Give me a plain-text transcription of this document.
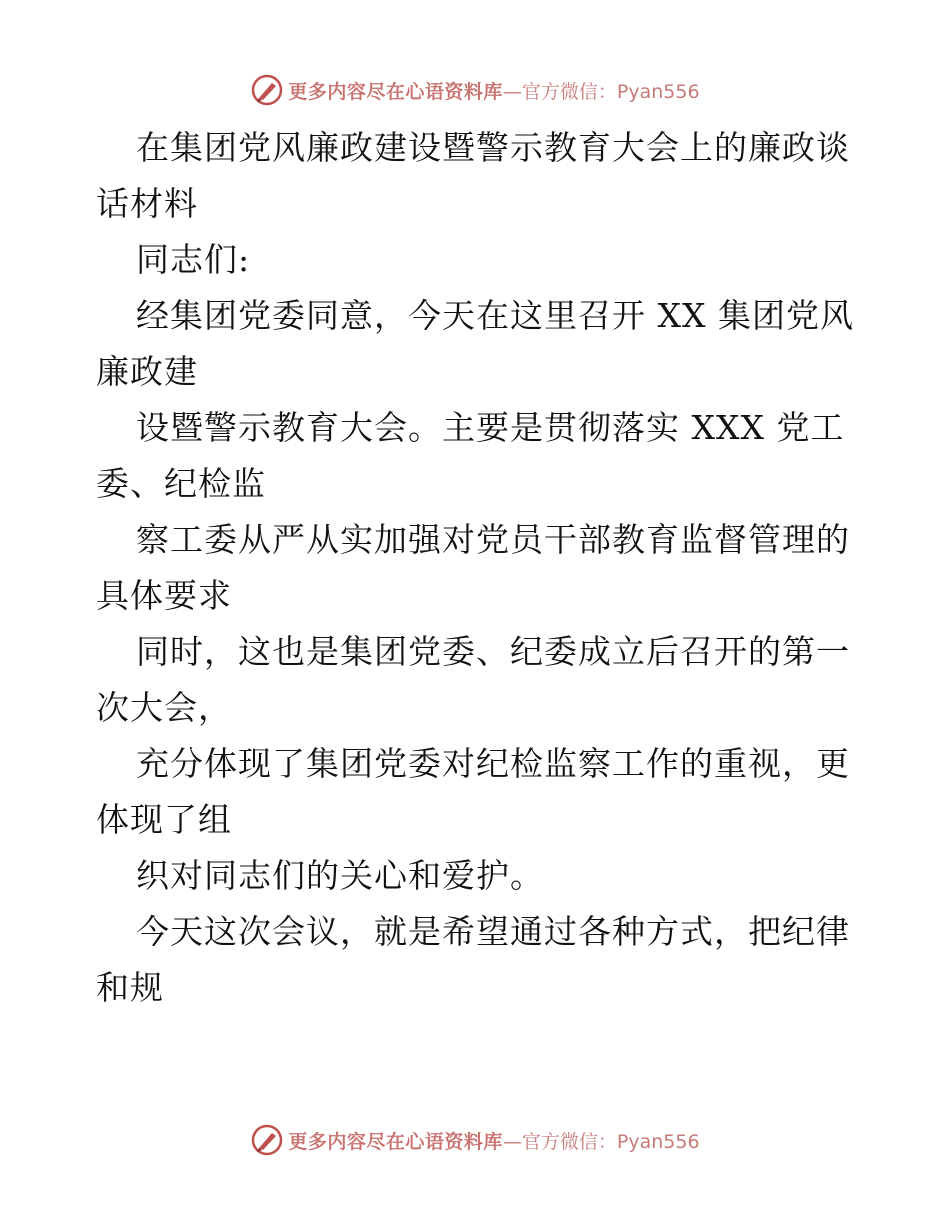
更多内容尽在心语资料库 —官方微信：Pyan556
在集团党风廉政建设暨警示教育大会上的廉政谈
话材料
同志们:
经集团党委同意，今天在这里召开 XX 集团党风
廉政建
设暨警示教育大会。主要是贯彻落实 XXX 党工
委、纪检监
察工委从严从实加强对党员干部教育监督管理的
具体要求
同时，这也是集团党委、纪委成立后召开的第一
次大会，
充分体现了集团党委对纪检监察工作的重视，更
体现了组
织对同志们的关心和爱护。
今天这次会议，就是希望通过各种方式，把纪律
和规
更多内容尽在心语资料库 —官方微信：Pyan556
